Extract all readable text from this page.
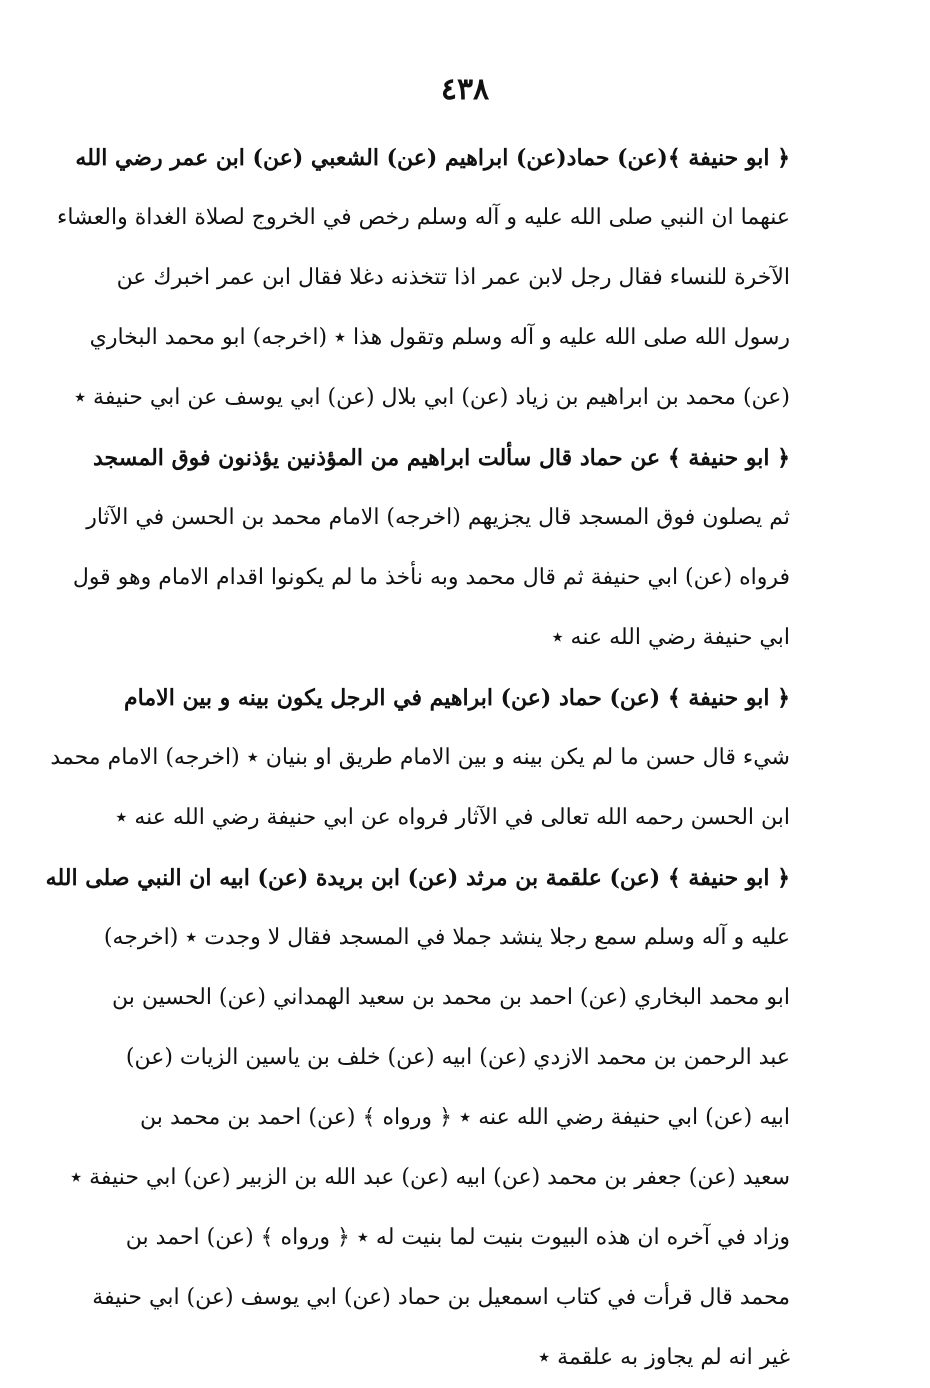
٤٣٨
﴿ ابو حنيفة ﴾(عن) حماد(عن) ابراهيم (عن) الشعبي (عن) ابن عمر رضي الله
عنهما ان النبي صلى الله عليه و آله وسلم رخص في الخروج لصلاة الغداة والعشاء
الآخرة للنساء فقال رجل لابن عمر اذا تتخذنه دغلا فقال ابن عمر اخبرك عن
رسول الله صلى الله عليه و آله وسلم وتقول هذا ٭ (اخرجه) ابو محمد البخاري
(عن) محمد بن ابراهيم بن زياد (عن) ابي بلال (عن) ابي يوسف عن ابي حنيفة ٭
﴿ ابو حنيفة ﴾ عن حماد قال سألت ابراهيم من المؤذنين يؤذنون فوق المسجد
ثم يصلون فوق المسجد قال يجزيهم (اخرجه) الامام محمد بن الحسن في الآثار
فرواه (عن) ابي حنيفة ثم قال محمد وبه نأخذ ما لم يكونوا اقدام الامام وهو قول
ابي حنيفة رضي الله عنه ٭
﴿ ابو حنيفة ﴾ (عن) حماد (عن) ابراهيم في الرجل يكون بينه و بين الامام
شيء قال حسن ما لم يكن بينه و بين الامام طريق او بنيان ٭ (اخرجه) الامام محمد
ابن الحسن رحمه الله تعالى في الآثار فرواه عن ابي حنيفة رضي الله عنه ٭
﴿ ابو حنيفة ﴾ (عن) علقمة بن مرثد (عن) ابن بريدة (عن) ابيه ان النبي صلى الله
عليه و آله وسلم سمع رجلا ينشد جملا في المسجد فقال لا وجدت ٭ (اخرجه)
ابو محمد البخاري (عن) احمد بن محمد بن سعيد الهمداني (عن) الحسين بن
عبد الرحمن بن محمد الازدي (عن) ابيه (عن) خلف بن ياسين الزيات (عن)
ابيه (عن) ابي حنيفة رضي الله عنه ٭ ﴿ ورواه ﴾ (عن) احمد بن محمد بن
سعيد (عن) جعفر بن محمد (عن) ابيه (عن) عبد الله بن الزبير (عن) ابي حنيفة ٭
وزاد في آخره ان هذه البيوت بنيت لما بنيت له ٭ ﴿ ورواه ﴾ (عن) احمد بن
محمد قال قرأت في كتاب اسمعيل بن حماد (عن) ابي يوسف (عن) ابي حنيفة
غير انه لم يجاوز به علقمة ٭
